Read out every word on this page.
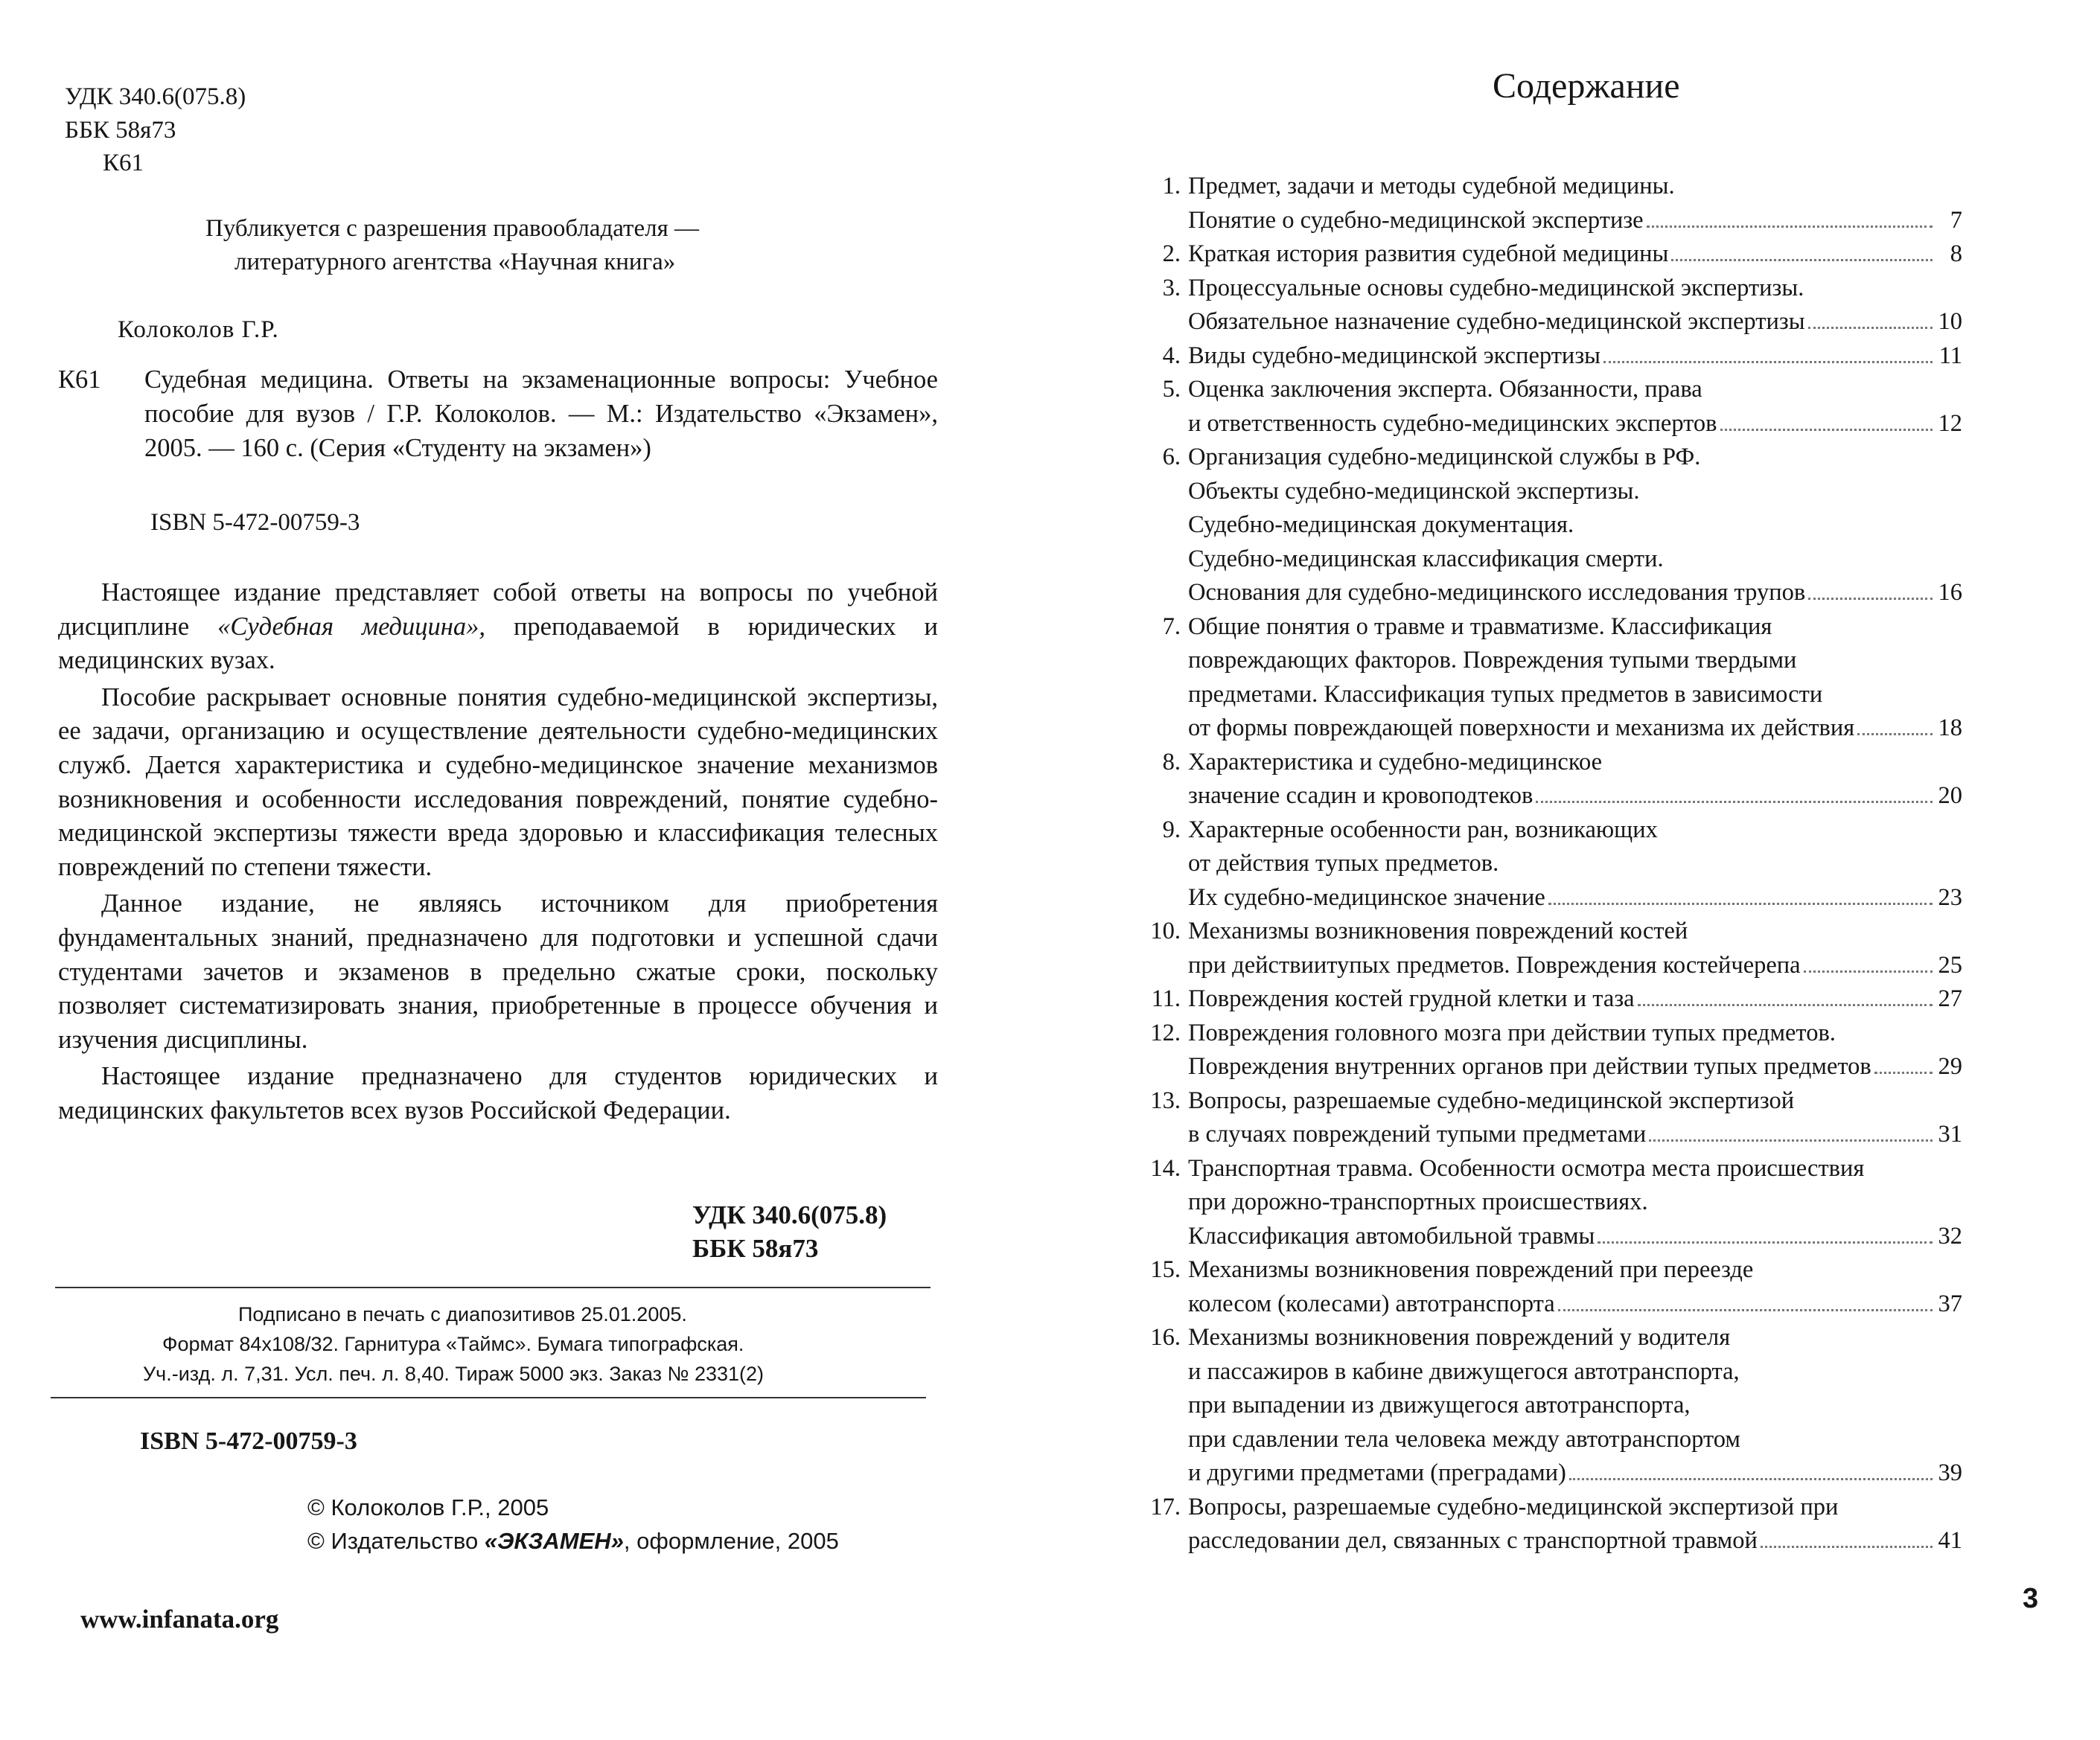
УДК 340.6(075.8)
ББК 58я73
К61
Публикуется с разрешения правообладателя —
литературного агентства «Научная книга»
Колоколов Г.Р.

К61 Судебная медицина. Ответы на экзаменационные вопросы: Учебное пособие для вузов / Г.Р. Колоколов. — М.: Издательство «Экзамен», 2005. — 160 с. (Серия «Студенту на экзамен»)

ISBN 5-472-00759-3

Настоящее издание представляет собой ответы на вопросы по учебной дисциплине «Судебная медицина», преподаваемой в юридических и медицинских вузах.

Пособие раскрывает основные понятия судебно-медицинской экспертизы, ее задачи, организацию и осуществление деятельности судебно-медицинских служб. Дается характеристика и судебно-медицинское значение механизмов возникновения и особенности исследования повреждений, понятие судебно-медицинской экспертизы тяжести вреда здоровью и классификация телесных повреждений по степени тяжести.

Данное издание, не являясь источником для приобретения фундаментальных знаний, предназначено для подготовки и успешной сдачи студентами зачетов и экзаменов в предельно сжатые сроки, поскольку позволяет систематизировать знания, приобретенные в процессе обучения и изучения дисциплины.

Настоящее издание предназначено для студентов юридических и медицинских факультетов всех вузов Российской Федерации.

УДК 340.6(075.8)
ББК 58я73
Подписано в печать с диапозитивов 25.01.2005.
Формат 84x108/32. Гарнитура «Таймс». Бумага типографская.
Уч.-изд. л. 7,31. Усл. печ. л. 8,40. Тираж 5000 экз. Заказ № 2331(2)
ISBN 5-472-00759-3
© Колоколов Г.Р., 2005
© Издательство «ЭКЗАМЕН», оформление, 2005
www.infanata.org
Содержание
1. Предмет, задачи и методы судебной медицины.
Понятие о судебно-медицинской экспертизе	7
2. Краткая история развития судебной медицины	8
3. Процессуальные основы судебно-медицинской экспертизы.
Обязательное назначение судебно-медицинской экспертизы	10
4. Виды судебно-медицинской экспертизы	11
5. Оценка заключения эксперта. Обязанности, права
и ответственность судебно-медицинских экспертов	12
6. Организация судебно-медицинской службы в РФ.
Объекты судебно-медицинской экспертизы.
Судебно-медицинская документация.
Судебно-медицинская классификация смерти.
Основания для судебно-медицинского исследования трупов	16
7. Общие понятия о травме и травматизме. Классификация
повреждающих факторов. Повреждения тупыми твердыми
предметами. Классификация тупых предметов в зависимости
от формы повреждающей поверхности и механизма их действия	18
8. Характеристика и судебно-медицинское
значение ссадин и кровоподтеков	20
9. Характерные особенности ран, возникающих
от действия тупых предметов.
Их судебно-медицинское значение	23
10. Механизмы возникновения повреждений костей
при действиитупых предметов. Повреждения костейчерепа	25
11. Повреждения костей грудной клетки и таза	27
12. Повреждения головного мозга при действии тупых предметов.
Повреждения внутренних органов при действии тупых предметов	29
13. Вопросы, разрешаемые судебно-медицинской экспертизой
в случаях повреждений тупыми предметами	31
14. Транспортная травма. Особенности осмотра места происшествия
при дорожно-транспортных происшествиях.
Классификация автомобильной травмы	32
15. Механизмы возникновения повреждений при переезде
колесом (колесами) автотранспорта	37
16. Механизмы возникновения повреждений у водителя
и пассажиров в кабине движущегося автотранспорта,
при выпадении из движущегося автотранспорта,
при сдавлении тела человека между автотранспортом
и другими предметами (преградами)	39
17. Вопросы, разрешаемые судебно-медицинской экспертизой при
расследовании дел, связанных с транспортной травмой	41
3
